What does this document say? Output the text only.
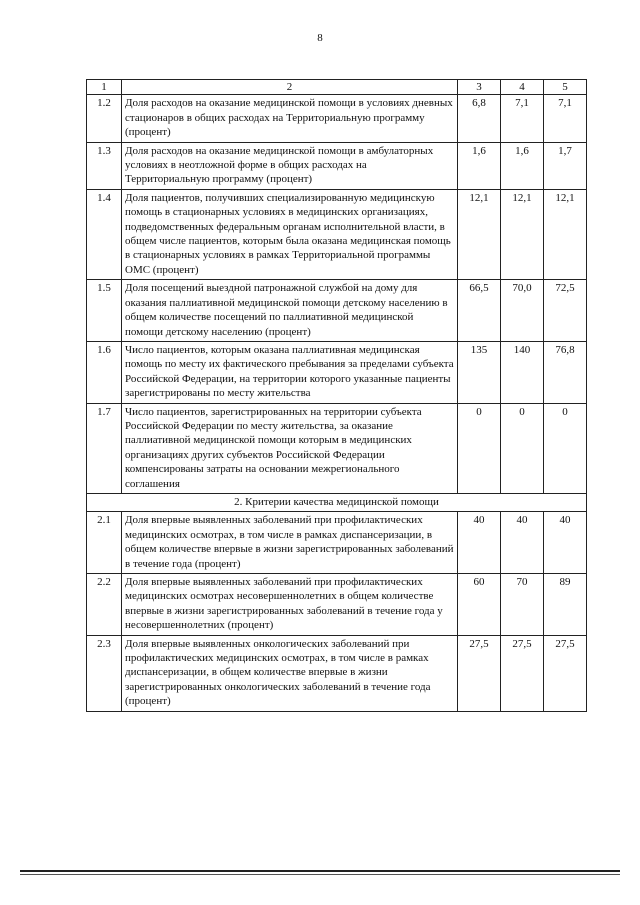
8
1	2	3	4	5
1.2	Доля расходов на оказание медицинской помощи в условиях дневных стационаров в общих расходах на Территориальную программу (процент)	6,8	7,1	7,1
1.3	Доля расходов на оказание медицинской помощи в амбулаторных условиях в неотложной форме в общих расходах на Территориальную программу (процент)	1,6	1,6	1,7
1.4	Доля пациентов, получивших специализированную медицинскую помощь в стационарных условиях в медицинских организациях, подведомственных федеральным органам исполнительной власти, в общем числе пациентов, которым была оказана медицинская помощь в стационарных условиях в рамках Территориальной программы ОМС (процент)	12,1	12,1	12,1
1.5	Доля посещений выездной патронажной службой на дому для оказания паллиативной медицинской помощи детскому населению в общем количестве посещений по паллиативной медицинской помощи детскому населению (процент)	66,5	70,0	72,5
1.6	Число пациентов, которым оказана паллиативная медицинская помощь по месту их фактического пребывания за пределами субъекта Российской Федерации, на территории которого указанные пациенты зарегистрированы по месту жительства	135	140	76,8
1.7	Число пациентов, зарегистрированных на территории субъекта Российской Федерации по месту жительства, за оказание паллиативной медицинской помощи которым в медицинских организациях других субъектов Российской Федерации компенсированы затраты на основании межрегионального соглашения	0	0	0
2. Критерии качества медицинской помощи				
2.1	Доля впервые выявленных заболеваний при профилактических медицинских осмотрах, в том числе в рамках диспансеризации, в общем количестве впервые в жизни зарегистрированных заболеваний в течение года (процент)	40	40	40
2.2	Доля впервые выявленных заболеваний при профилактических медицинских осмотрах несовершеннолетних в общем количестве впервые в жизни зарегистрированных заболеваний в течение года у несовершеннолетних (процент)	60	70	89
2.3	Доля впервые выявленных онкологических заболеваний при профилактических медицинских осмотрах, в том числе в рамках диспансеризации, в общем количестве впервые в жизни зарегистрированных онкологических заболеваний в течение года (процент)	27,5	27,5	27,5
